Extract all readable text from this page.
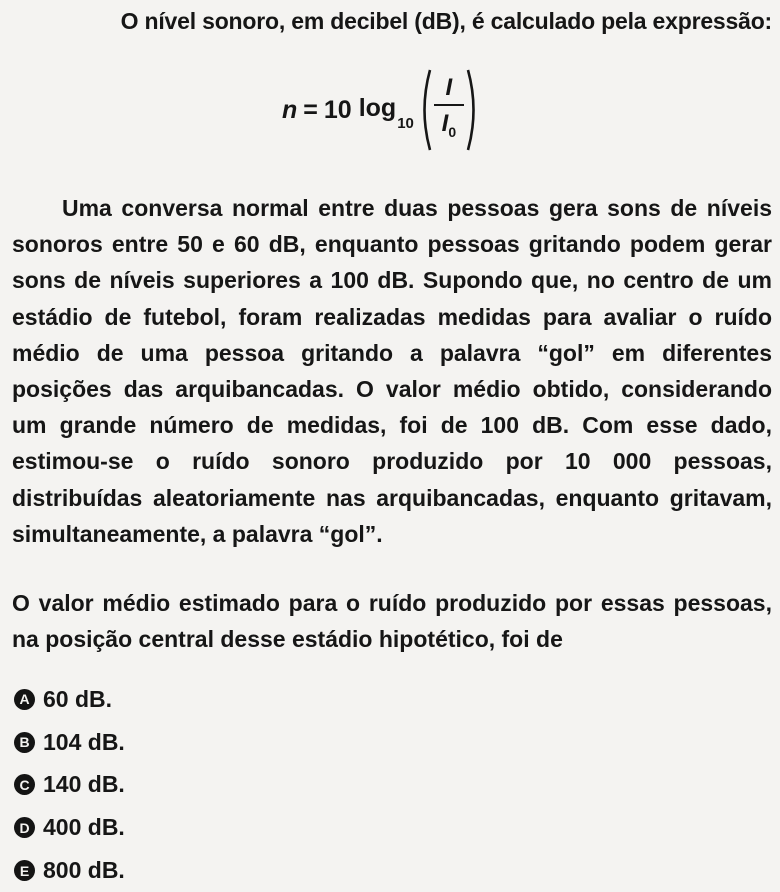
O nível sonoro, em decibel (dB), é calculado pela expressão:
n = 10 $\log_{10} \frac{I}{I_0}$
Uma conversa normal entre duas pessoas gera sons de níveis sonoros entre 50 e 60 dB, enquanto pessoas gritando podem gerar sons de níveis superiores a 100 dB. Supondo que, no centro de um estádio de futebol, foram realizadas medidas para avaliar o ruído médio de uma pessoa gritando a palavra “gol” em diferentes posições das arquibancadas. O valor médio obtido, considerando um grande número de medidas, foi de 100 dB. Com esse dado, estimou-se o ruído sonoro produzido por 10 000 pessoas, distribuídas aleatoriamente nas arquibancadas, enquanto gritavam, simultaneamente, a palavra “gol”.
O valor médio estimado para o ruído produzido por essas pessoas, na posição central desse estádio hipotético, foi de
A 60 dB.
B 104 dB.
C 140 dB.
D 400 dB.
E 800 dB.
